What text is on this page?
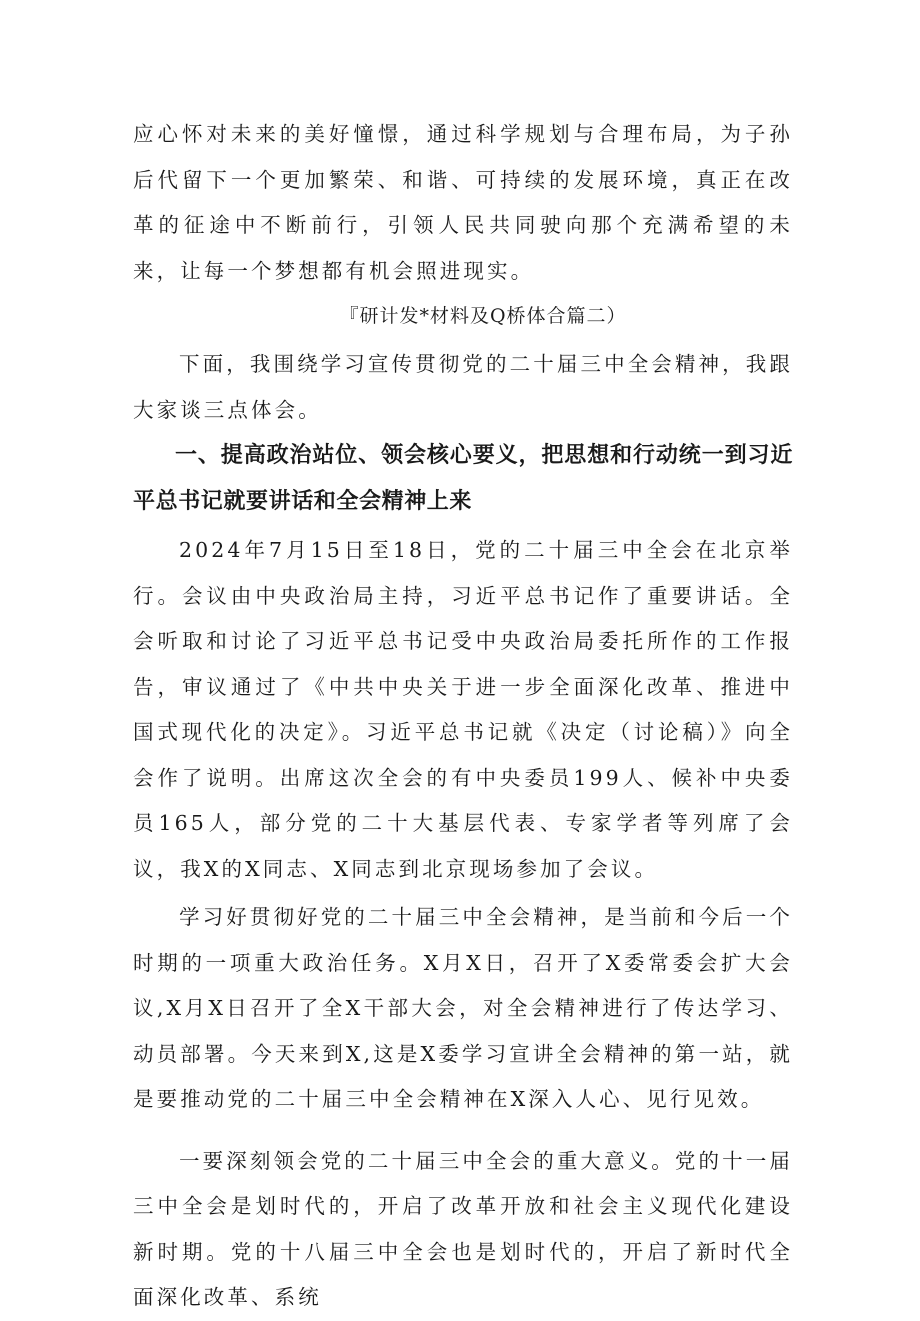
应心怀对未来的美好憧憬，通过科学规划与合理布局，为子孙后代留下一个更加繁荣、和谐、可持续的发展环境，真正在改革的征途中不断前行，引领人民共同驶向那个充满希望的未来，让每一个梦想都有机会照进现实。

『研计发*材料及Q桥体合篇二）

下面，我围绕学习宣传贯彻党的二十届三中全会精神，我跟大家谈三点体会。

一、提高政治站位、领会核心要义，把思想和行动统一到习近平总书记就要讲话和全会精神上来

2024年7月15日至18日，党的二十届三中全会在北京举行。会议由中央政治局主持，习近平总书记作了重要讲话。全会听取和讨论了习近平总书记受中央政治局委托所作的工作报告，审议通过了《中共中央关于进一步全面深化改革、推进中国式现代化的决定》。习近平总书记就《决定（讨论稿）》向全会作了说明。出席这次全会的有中央委员199人、候补中央委员165人，部分党的二十大基层代表、专家学者等列席了会议，我X的X同志、X同志到北京现场参加了会议。

学习好贯彻好党的二十届三中全会精神，是当前和今后一个时期的一项重大政治任务。X月X日，召开了X委常委会扩大会议,X月X日召开了全X干部大会，对全会精神进行了传达学习、动员部署。今天来到X,这是X委学习宣讲全会精神的第一站，就是要推动党的二十届三中全会精神在X深入人心、见行见效。

一要深刻领会党的二十届三中全会的重大意义。党的十一届三中全会是划时代的，开启了改革开放和社会主义现代化建设新时期。党的十八届三中全会也是划时代的，开启了新时代全面深化改革、系统
